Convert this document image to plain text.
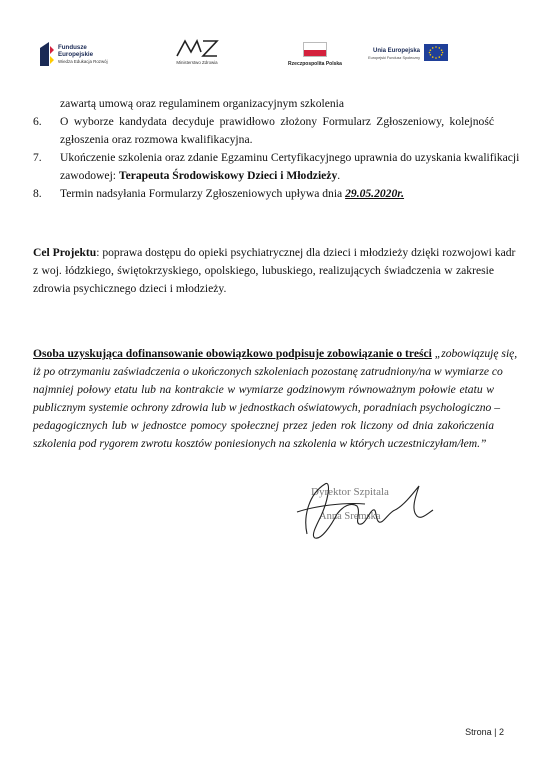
Fundusze
Europejskie
Wiedza Edukacja Rozwój	Ministerstwo Zdrowia	Rzeczpospolita Polska
Unia Europejska
Europejski Fundusz Społeczny
zawartą umową oraz regulaminem organizacyjnym szkolenia
6. O wyborze kandydata decyduje prawidłowo złożony Formularz Zgłoszeniowy, kolejność
zgłoszenia oraz rozmowa kwalifikacyjna.
7. Ukończenie szkolenia oraz zdanie Egzaminu Certyfikacyjnego uprawnia do uzyskania kwalifikacji
zawodowej: Terapeuta Środowiskowy Dzieci i Młodzieży.
8. Termin nadsyłania Formularzy Zgłoszeniowych upływa dnia 29.05.2020r.
Cel Projektu: poprawa dostępu do opieki psychiatrycznej dla dzieci i młodzieży dzięki rozwojowi kadr
z woj. łódzkiego, świętokrzyskiego, opolskiego, lubuskiego, realizujących świadczenia w zakresie
zdrowia psychicznego dzieci i młodzieży.
Osoba uzyskująca dofinansowanie obowiązkowo podpisuje zobowiązanie o treści „zobowiązuję się,
iż po otrzymaniu zaświadczenia o ukończonych szkoleniach pozostanę zatrudniony/na w wymiarze co
najmniej połowy etatu lub na kontrakcie w wymiarze godzinowym równoważnym połowie etatu w
publicznym systemie ochrony zdrowia lub w jednostkach oświatowych, poradniach psychologiczno –
pedagogicznych lub w jednostce pomocy społecznej przez jeden rok liczony od dnia zakończenia
szkolenia pod rygorem zwrotu kosztów poniesionych na szkolenia w których uczestniczyłam/łem.”
Dyrektor Szpitala
Anna Sremska
Strona | 2
